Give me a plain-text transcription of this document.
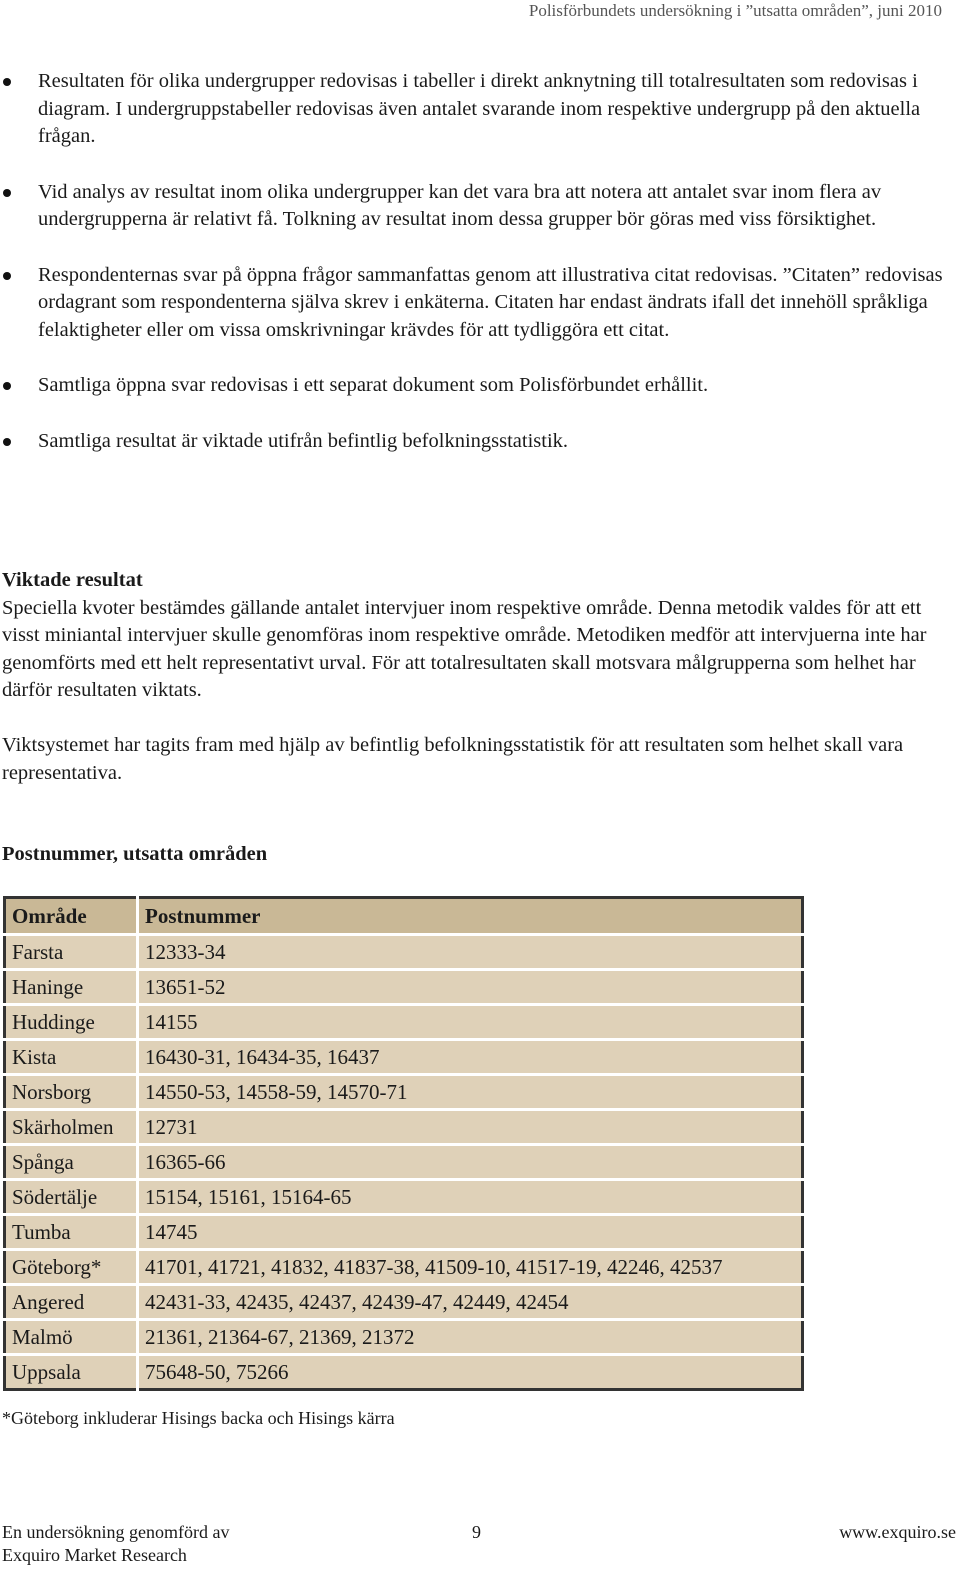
Polisförbundets undersökning i ”utsatta områden”, juni 2010
Resultaten för olika undergrupper redovisas i tabeller i direkt anknytning till totalresultaten som redovisas i diagram. I undergruppstabeller redovisas även antalet svarande inom respektive undergrupp på den aktuella frågan.
Vid analys av resultat inom olika undergrupper kan det vara bra att notera att antalet svar inom flera av undergrupperna är relativt få. Tolkning av resultat inom dessa grupper bör göras med viss försiktighet.
Respondenternas svar på öppna frågor sammanfattas genom att illustrativa citat redovisas. ”Citaten” redovisas ordagrant som respondenterna själva skrev i enkäterna. Citaten har endast ändrats ifall det innehöll språkliga felaktigheter eller om vissa omskrivningar krävdes för att tydliggöra ett citat.
Samtliga öppna svar redovisas i ett separat dokument som Polisförbundet erhållit.
Samtliga resultat är viktade utifrån befintlig befolkningsstatistik.
Viktade resultat
Speciella kvoter bestämdes gällande antalet intervjuer inom respektive område. Denna metodik valdes för att ett visst miniantal intervjuer skulle genomföras inom respektive område. Metodiken medför att intervjuerna inte har genomförts med ett helt representativt urval. För att totalresultaten skall motsvara målgrupperna som helhet har därför resultaten viktats.
Viktsystemet har tagits fram med hjälp av befintlig befolkningsstatistik för att resultaten som helhet skall vara representativa.
Postnummer, utsatta områden
Område	Postnummer
Farsta	12333-34
Haninge	13651-52
Huddinge	14155
Kista	16430-31, 16434-35, 16437
Norsborg	14550-53, 14558-59, 14570-71
Skärholmen	12731
Spånga	16365-66
Södertälje	15154, 15161, 15164-65
Tumba	14745
Göteborg*	41701, 41721, 41832, 41837-38, 41509-10, 41517-19, 42246, 42537
Angered	42431-33, 42435, 42437, 42439-47, 42449, 42454
Malmö	21361, 21364-67, 21369, 21372
Uppsala	75648-50, 75266
*Göteborg inkluderar Hisings backa och Hisings kärra
En undersökning genomförd av
Exquiro Market Research
9	www.exquiro.se
